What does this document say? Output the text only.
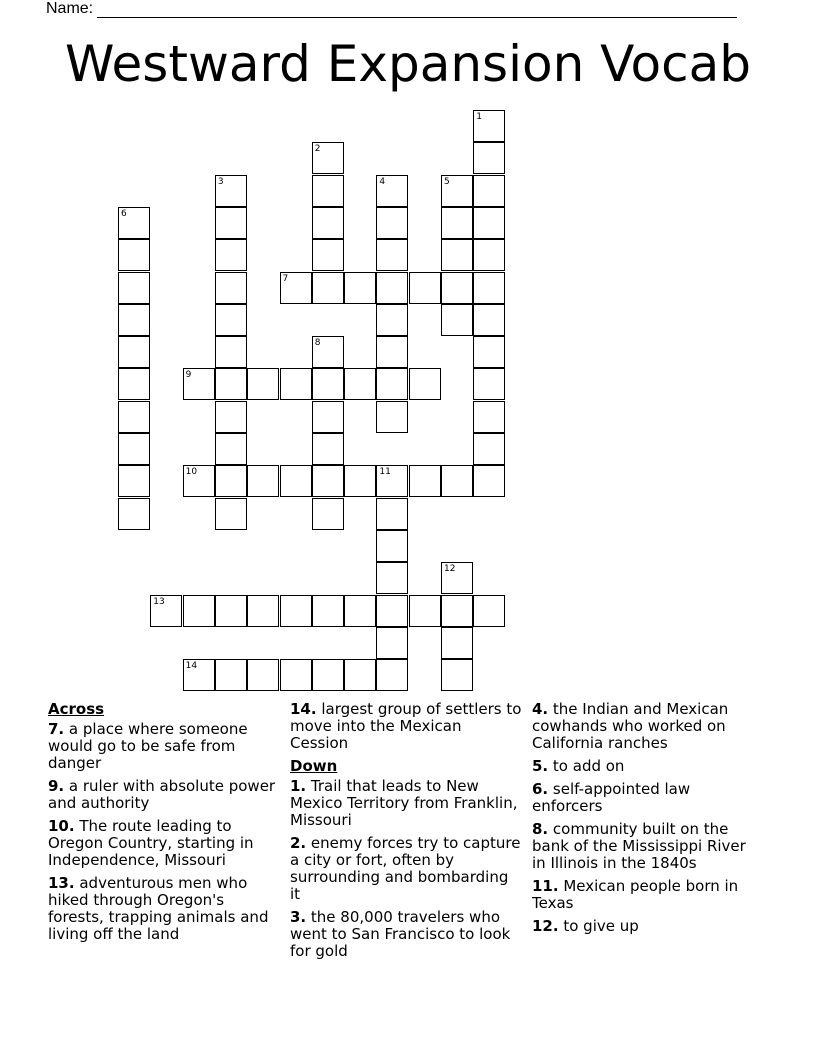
Name:
Westward Expansion Vocab
1
2
3	4	5
6
7
8
9
10	11
12
13
14
Across
7. a place where someone would go to be safe from danger
9. a ruler with absolute power and authority
10. The route leading to Oregon Country, starting in Independence, Missouri
13. adventurous men who hiked through Oregon's forests, trapping animals and living off the land
14. largest group of settlers to move into the Mexican Cession
Down
1. Trail that leads to New Mexico Territory from Franklin, Missouri
2. enemy forces try to capture a city or fort, often by surrounding and bombarding it
3. the 80,000 travelers who went to San Francisco to look for gold
4. the Indian and Mexican cowhands who worked on California ranches
5. to add on
6. self-appointed law enforcers
8. community built on the bank of the Mississippi River in Illinois in the 1840s
11. Mexican people born in Texas
12. to give up
